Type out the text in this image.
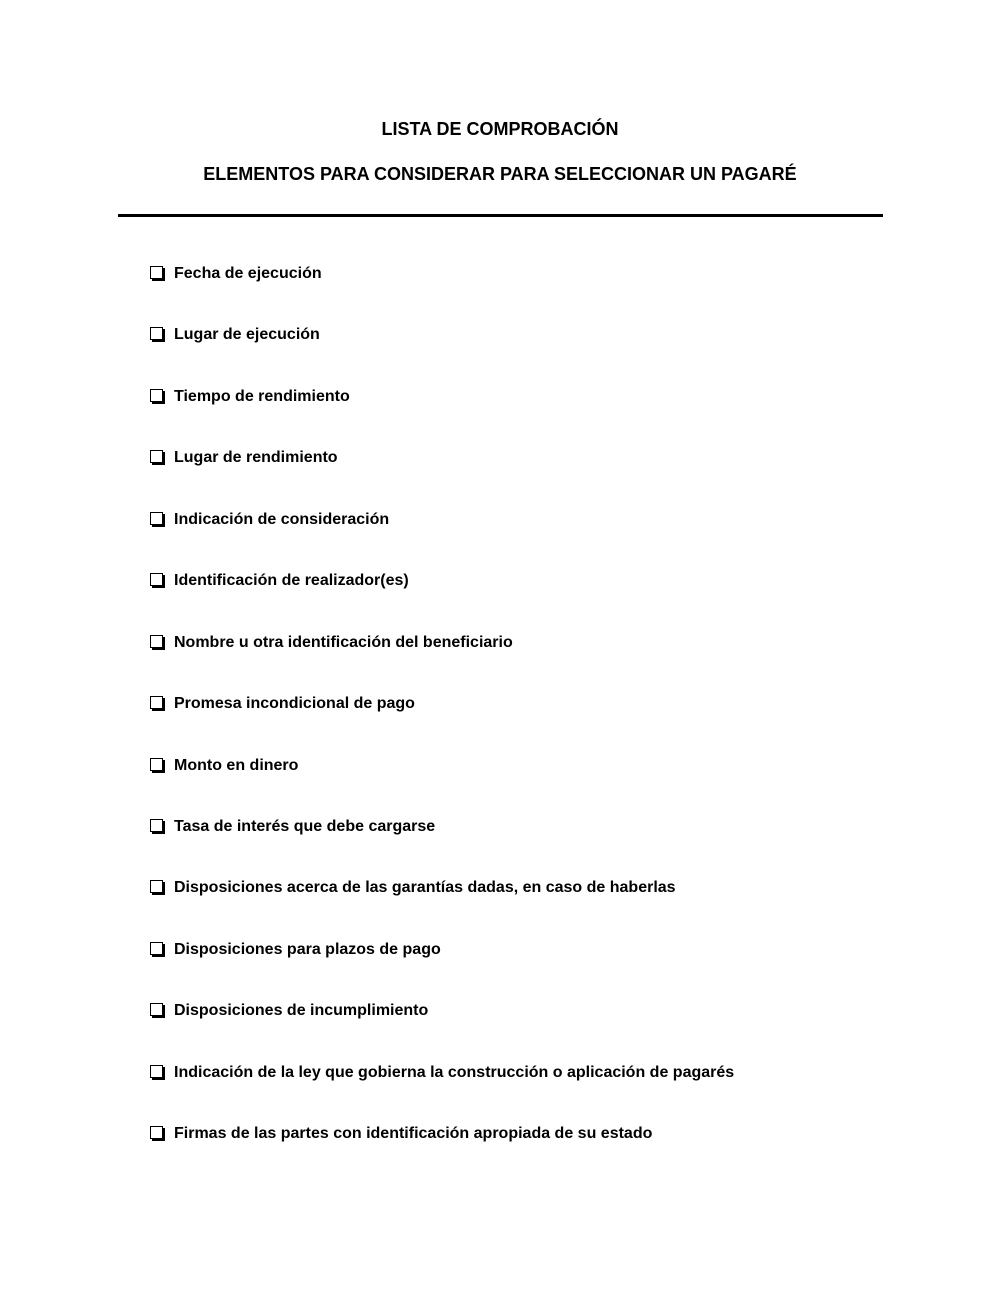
LISTA DE COMPROBACIÓN
ELEMENTOS PARA CONSIDERAR PARA SELECCIONAR UN PAGARÉ
Fecha de ejecución
Lugar de ejecución
Tiempo de rendimiento
Lugar de rendimiento
Indicación de consideración
Identificación de realizador(es)
Nombre u otra identificación del beneficiario
Promesa incondicional de pago
Monto en dinero
Tasa de interés que debe cargarse
Disposiciones acerca de las garantías dadas, en caso de haberlas
Disposiciones para plazos de pago
Disposiciones de incumplimiento
Indicación de la ley que gobierna la construcción o aplicación de pagarés
Firmas de las partes con identificación apropiada de su estado
